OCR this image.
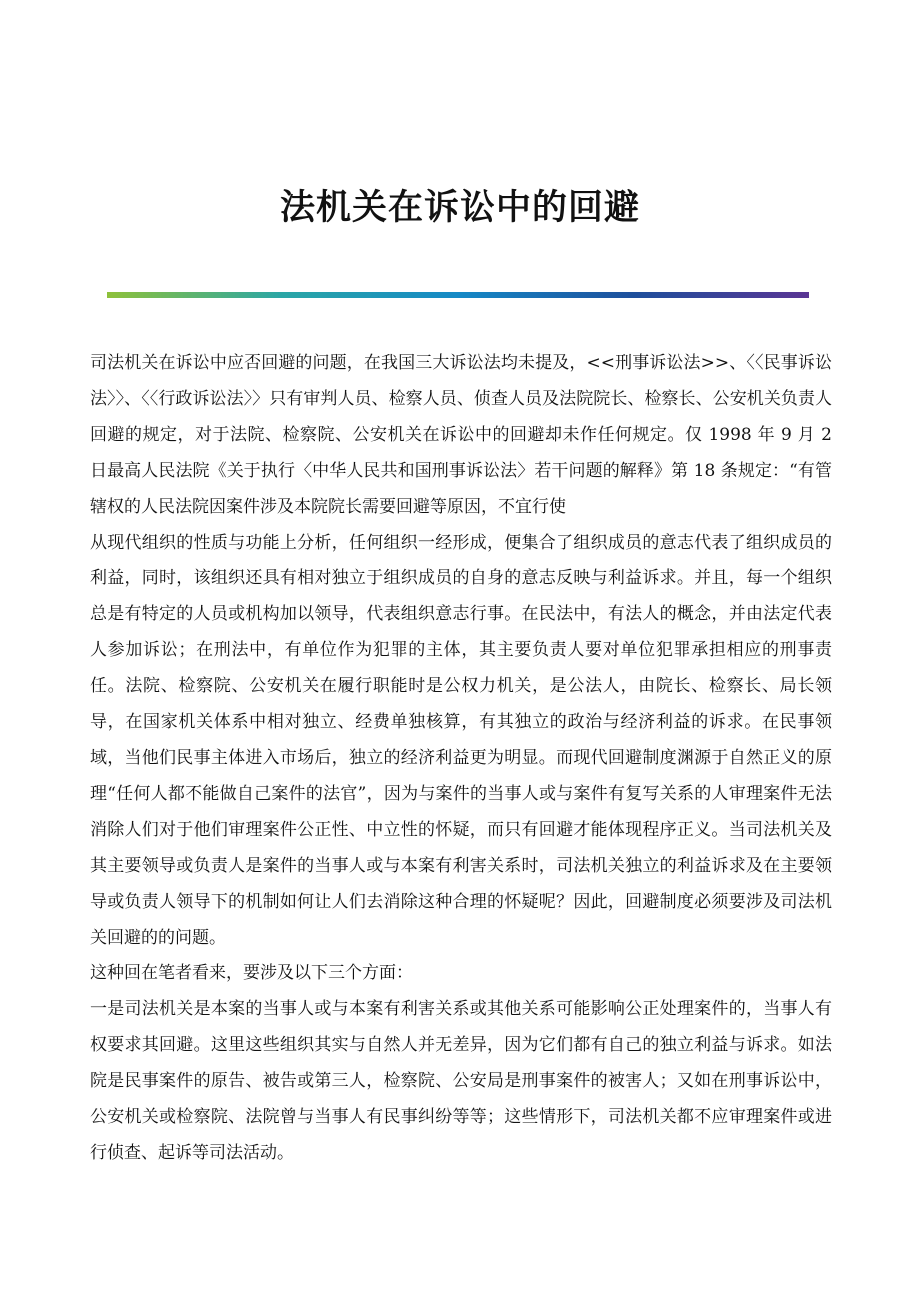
法机关在诉讼中的回避

司法机关在诉讼中应否回避的问题，在我国三大诉讼法均未提及，<<刑事诉讼法>>、〈〈民事诉讼法〉〉、〈〈行政诉讼法〉〉只有审判人员、检察人员、侦查人员及法院院长、检察长、公安机关负责人回避的规定，对于法院、检察院、公安机关在诉讼中的回避却未作任何规定。仅 1998 年 9 月 2 日最高人民法院《关于执行〈中华人民共和国刑事诉讼法〉若干问题的解释》第 18 条规定：“有管辖权的人民法院因案件涉及本院院长需要回避等原因，不宜行使

从现代组织的性质与功能上分析，任何组织一经形成，便集合了组织成员的意志代表了组织成员的利益，同时，该组织还具有相对独立于组织成员的自身的意志反映与利益诉求。并且，每一个组织总是有特定的人员或机构加以领导，代表组织意志行事。在民法中，有法人的概念，并由法定代表人参加诉讼；在刑法中，有单位作为犯罪的主体，其主要负责人要对单位犯罪承担相应的刑事责任。法院、检察院、公安机关在履行职能时是公权力机关，是公法人，由院长、检察长、局长领导，在国家机关体系中相对独立、经费单独核算，有其独立的政治与经济利益的诉求。在民事领域，当他们民事主体进入市场后，独立的经济利益更为明显。而现代回避制度渊源于自然正义的原理“任何人都不能做自己案件的法官”，因为与案件的当事人或与案件有复写关系的人审理案件无法消除人们对于他们审理案件公正性、中立性的怀疑，而只有回避才能体现程序正义。当司法机关及其主要领导或负责人是案件的当事人或与本案有利害关系时，司法机关独立的利益诉求及在主要领导或负责人领导下的机制如何让人们去消除这种合理的怀疑呢？因此，回避制度必须要涉及司法机关回避的的问题。

这种回在笔者看来，要涉及以下三个方面：

一是司法机关是本案的当事人或与本案有利害关系或其他关系可能影响公正处理案件的，当事人有权要求其回避。这里这些组织其实与自然人并无差异，因为它们都有自己的独立利益与诉求。如法院是民事案件的原告、被告或第三人，检察院、公安局是刑事案件的被害人；又如在刑事诉讼中，公安机关或检察院、法院曾与当事人有民事纠纷等等；这些情形下，司法机关都不应审理案件或进行侦查、起诉等司法活动。
